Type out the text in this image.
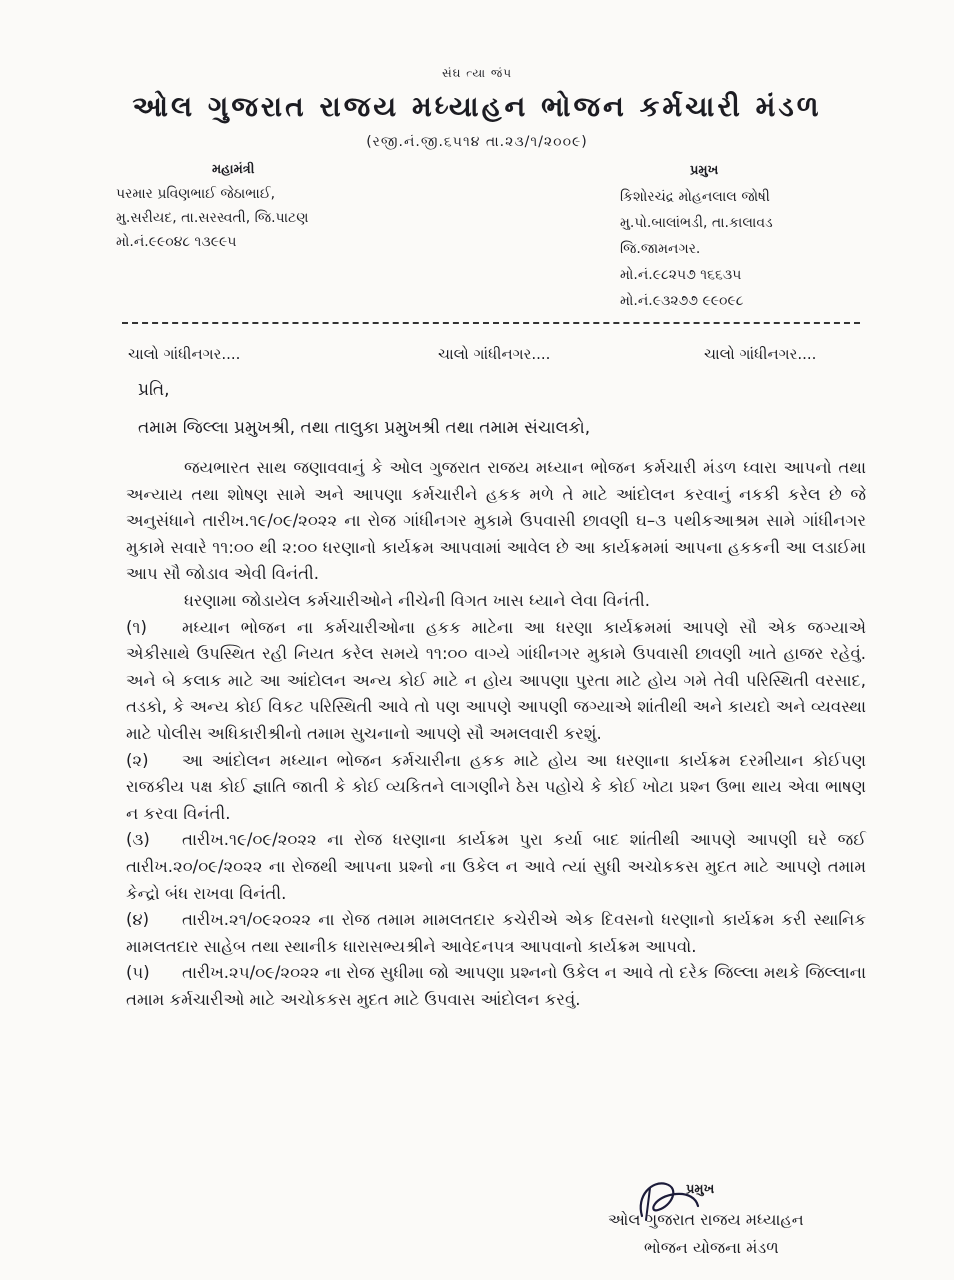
સંઘ ત્યા જંપ
ઓલ ગુજરાત રાજય મધ્યાહન ભોજન કર્મચારી મંડળ
(રજી.નં.જી.૬૫૧૪ તા.૨૩/૧/૨૦૦૯)
મહામંત્રી
પરમાર પ્રવિણભાઈ જેઠાભાઈ,
મુ.સરીયદ, તા.સરસ્વતી, જિ.પાટણ
મો.નં.૯૯૦૪૮ ૧૩૯૯૫
પ્રમુખ
કિશોરચંદ્ર મોહનલાલ જોષી
મુ.પો.બાલાંભડી, તા.કાલાવડ
જિ.જામનગર.
મો.નં.૯૮૨૫૭ ૧૬૬૩૫
મો.નં.૯૩૨૭૭ ૯૯૦૯૮
ચાલો ગાંધીનગર....	ચાલો ગાંધીનગર....	ચાલો ગાંધીનગર....
પ્રતિ,
તમામ જિલ્લા પ્રમુખશ્રી, તથા તાલુકા પ્રમુખશ્રી તથા તમામ સંચાલકો,

જયભારત સાથ જણાવવાનું કે ઓલ ગુજરાત રાજય મધ્યાન ભોજન કર્મચારી મંડળ ધ્વારા આપનો તથા અન્યાય તથા શોષણ સામે અને આપણા કર્મચારીને હકક મળે તે માટે આંદોલન કરવાનું નકકી કરેલ છે જે અનુસંધાને તારીખ.૧૯/૦૯/૨૦૨૨ ના રોજ ગાંધીનગર મુકામે ઉપવાસી છાવણી ઘ–૩ પથીકઆશ્રમ સામે ગાંધીનગર મુકામે સવારે ૧૧:૦૦ થી ૨:૦૦ ધરણાનો કાર્યક્રમ આપવામાં આવેલ છે આ કાર્યક્રમમાં આપના હકકની આ લડાઈમા આપ સૌ જોડાવ એવી વિનંતી.

ધરણામા જોડાયેલ કર્મચારીઓને નીચેની વિગત ખાસ ધ્યાને લેવા વિનંતી.

(૧) મધ્યાન ભોજન ના કર્મચારીઓના હકક માટેના આ ધરણા કાર્યક્રમમાં આપણે સૌ એક જગ્યાએ એકીસાથે ઉપસ્થિત રહી નિયત કરેલ સમયે ૧૧:૦૦ વાગ્યે ગાંધીનગર મુકામે ઉપવાસી છાવણી ખાતે હાજર રહેવું. અને બે કલાક માટે આ આંદોલન અન્ય કોઈ માટે ન હોય આપણા પુરતા માટે હોય ગમે તેવી પરિસ્થિતી વરસાદ, તડકો, કે અન્ય કોઈ વિકટ પરિસ્થિતી આવે તો પણ આપણે આપણી જગ્યાએ શાંતીથી અને કાયદો અને વ્યવસ્થા માટે પોલીસ અધિકારીશ્રીનો તમામ સુચનાનો આપણે સૌ અમલવારી કરશું.

(૨) આ આંદોલન મધ્યાન ભોજન કર્મચારીના હકક માટે હોય આ ધરણાના કાર્યક્રમ દરમીયાન કોઈપણ રાજકીય પક્ષ કોઈ જ્ઞાતિ જાતી કે કોઈ વ્યકિતને લાગણીને ઠેસ પહોચે કે કોઈ ખોટા પ્રશ્ન ઉભા થાય એવા ભાષણ ન કરવા વિનંતી.

(૩) તારીખ.૧૯/૦૯/૨૦૨૨ ના રોજ ધરણાના કાર્યક્રમ પુરા કર્યા બાદ શાંતીથી આપણે આપણી ઘરે જઈ તારીખ.૨૦/૦૯/૨૦૨૨ ના રોજથી આપના પ્રશ્નો ના ઉકેલ ન આવે ત્યાં સુધી અચોકકસ મુદત માટે આપણે તમામ કેન્દ્રો બંધ રાખવા વિનંતી.

(૪) તારીખ.૨૧/૦૯૨૦૨૨ ના રોજ તમામ મામલતદાર કચેરીએ એક દિવસનો ધરણાનો કાર્યક્રમ કરી સ્થાનિક મામલતદાર સાહેબ તથા સ્થાનીક ધારાસભ્યશ્રીને આવેદનપત્ર આપવાનો કાર્યક્રમ આપવો.

(૫) તારીખ.૨૫/૦૯/૨૦૨૨ ના રોજ સુધીમા જો આપણા પ્રશ્નનો ઉકેલ ન આવે તો દરેક જિલ્લા મથકે જિલ્લાના તમામ કર્મચારીઓ માટે અચોકકસ મુદત માટે ઉપવાસ આંદોલન કરવું.

પ્રમુખ
ઓલ ગુજરાત રાજય મધ્યાહન
ભોજન યોજના મંડળ
